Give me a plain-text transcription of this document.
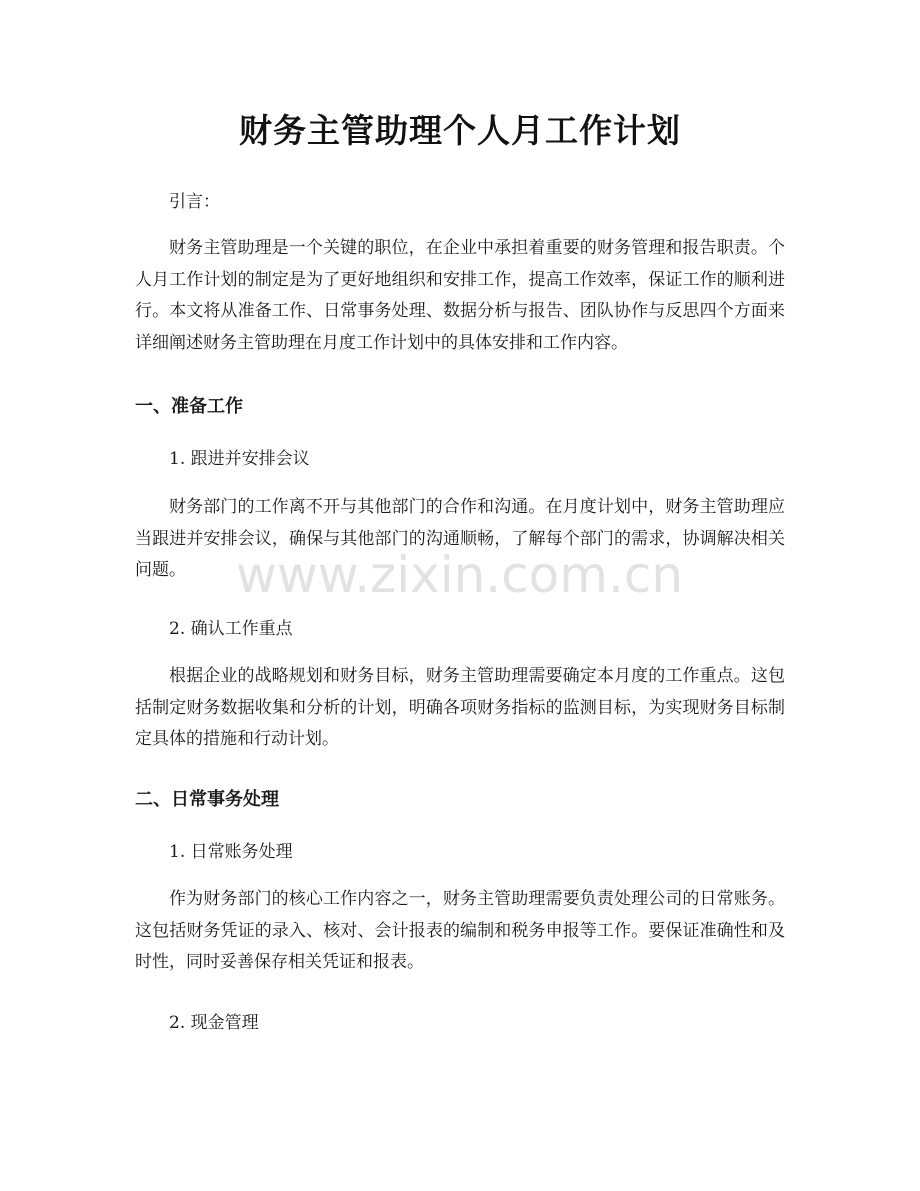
财务主管助理个人月工作计划

引言：

财务主管助理是一个关键的职位，在企业中承担着重要的财务管理和报告职责。个人月工作计划的制定是为了更好地组织和安排工作，提高工作效率，保证工作的顺利进行。本文将从准备工作、日常事务处理、数据分析与报告、团队协作与反思四个方面来详细阐述财务主管助理在月度工作计划中的具体安排和工作内容。

一、准备工作

1. 跟进并安排会议

财务部门的工作离不开与其他部门的合作和沟通。在月度计划中，财务主管助理应当跟进并安排会议，确保与其他部门的沟通顺畅，了解每个部门的需求，协调解决相关问题。

2. 确认工作重点

根据企业的战略规划和财务目标，财务主管助理需要确定本月度的工作重点。这包括制定财务数据收集和分析的计划，明确各项财务指标的监测目标，为实现财务目标制定具体的措施和行动计划。

二、日常事务处理

1. 日常账务处理

作为财务部门的核心工作内容之一，财务主管助理需要负责处理公司的日常账务。这包括财务凭证的录入、核对、会计报表的编制和税务申报等工作。要保证准确性和及时性，同时妥善保存相关凭证和报表。

2. 现金管理

www.zixin.com.cn
